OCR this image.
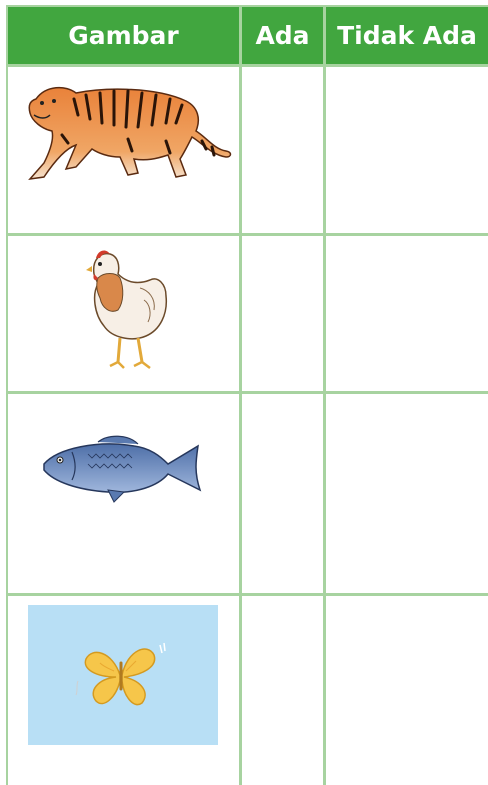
Gambar	Ada	Tidak Ada
